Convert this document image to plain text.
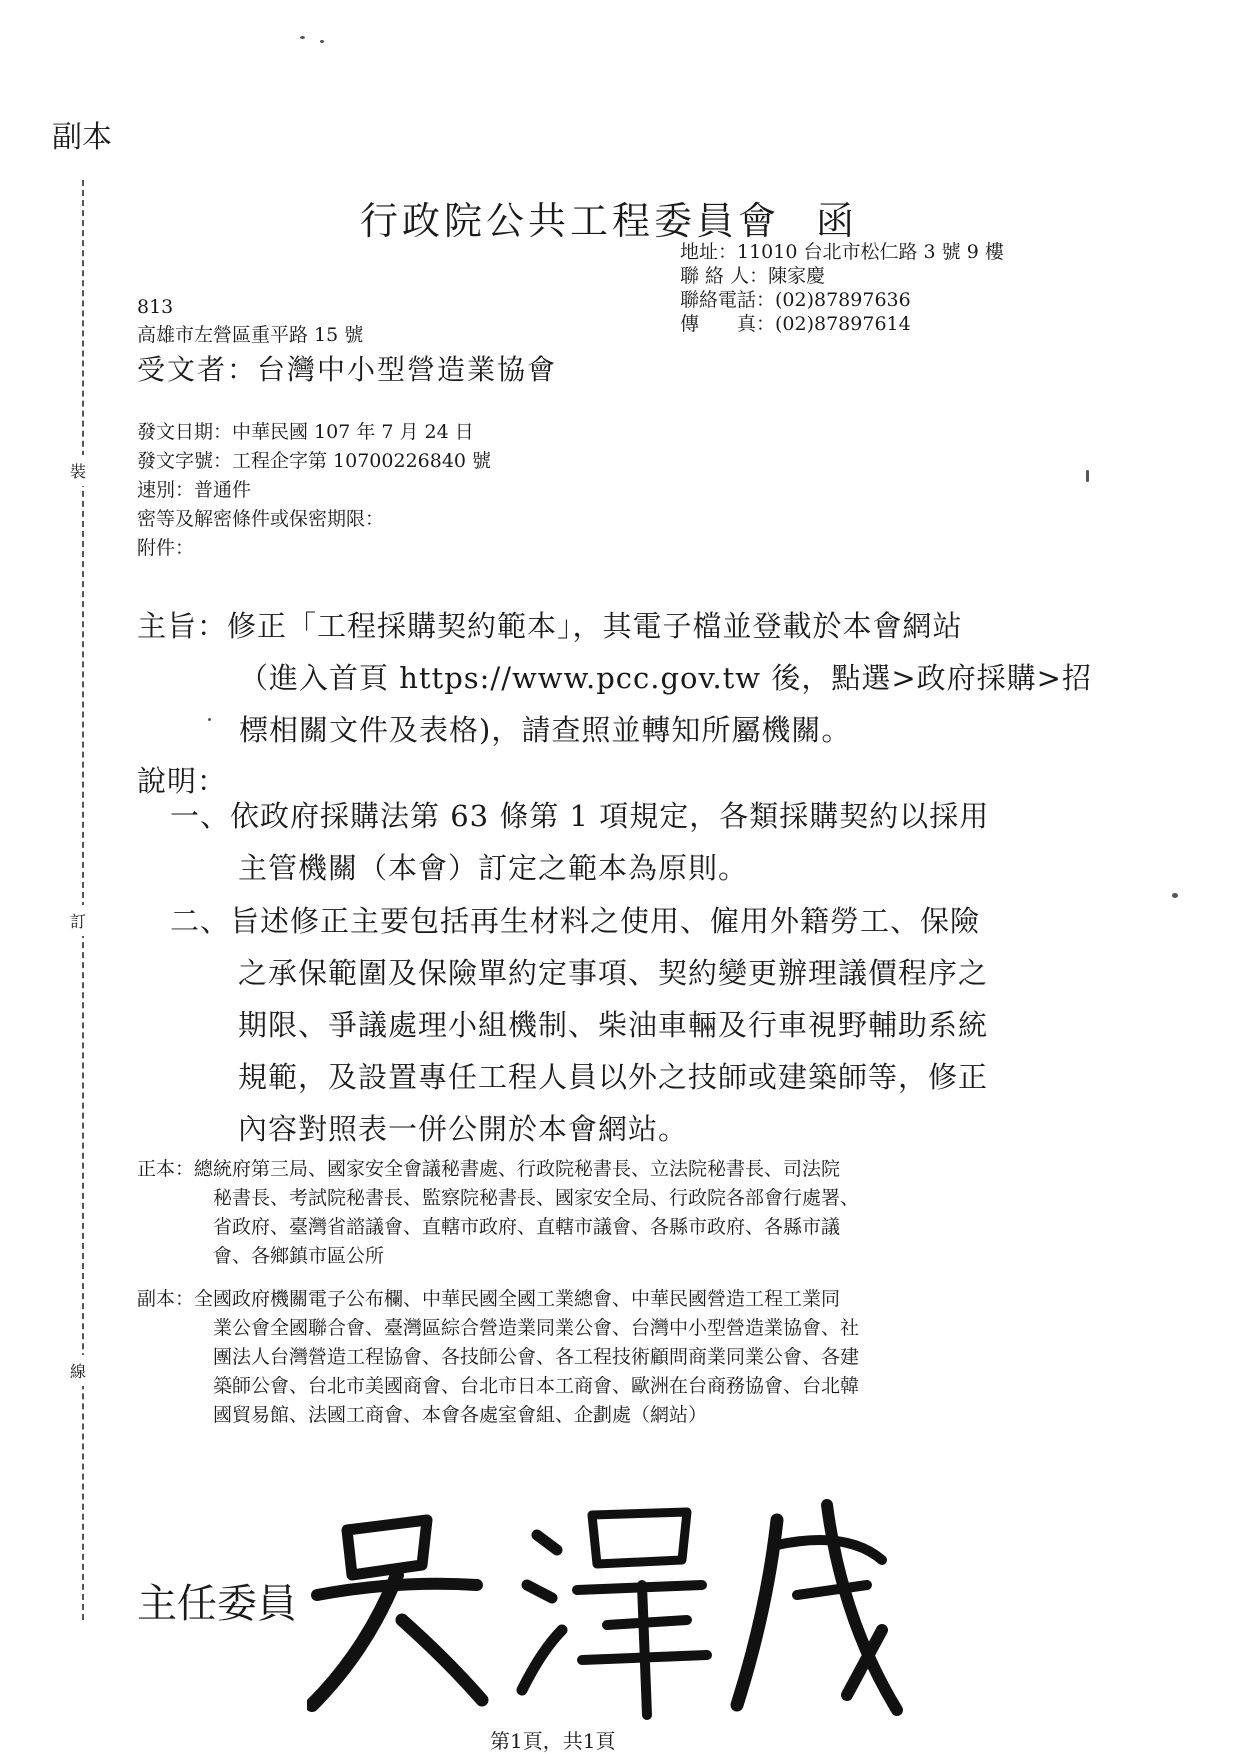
副本
裝
訂
線
行政院公共工程委員會 函
地址：11010 台北市松仁路 3 號 9 樓
聯 絡 人：陳家慶
聯絡電話：(02)87897636
傳　　真：(02)87897614
813
高雄市左營區重平路 15 號
受文者：台灣中小型營造業協會
發文日期：中華民國 107 年 7 月 24 日
發文字號：工程企字第 10700226840 號
速別：普通件
密等及解密條件或保密期限：
附件：
主旨：修正「工程採購契約範本」，其電子檔並登載於本會網站
（進入首頁 https://www.pcc.gov.tw 後，點選>政府採購>招
標相關文件及表格)，請查照並轉知所屬機關。
說明：
一、依政府採購法第 63 條第 1 項規定，各類採購契約以採用
主管機關（本會）訂定之範本為原則。
二、旨述修正主要包括再生材料之使用、僱用外籍勞工、保險
之承保範圍及保險單約定事項、契約變更辦理議價程序之
期限、爭議處理小組機制、柴油車輛及行車視野輔助系統
規範，及設置專任工程人員以外之技師或建築師等，修正
內容對照表一併公開於本會網站。
正本：總統府第三局、國家安全會議秘書處、行政院秘書長、立法院秘書長、司法院
秘書長、考試院秘書長、監察院秘書長、國家安全局、行政院各部會行處署、
省政府、臺灣省諮議會、直轄市政府、直轄市議會、各縣市政府、各縣市議
會、各鄉鎮市區公所
副本：全國政府機關電子公布欄、中華民國全國工業總會、中華民國營造工程工業同
業公會全國聯合會、臺灣區綜合營造業同業公會、台灣中小型營造業協會、社
團法人台灣營造工程協會、各技師公會、各工程技術顧問商業同業公會、各建
築師公會、台北市美國商會、台北市日本工商會、歐洲在台商務協會、台北韓
國貿易館、法國工商會、本會各處室會組、企劃處（網站）
主任委員
第1頁，共1頁
